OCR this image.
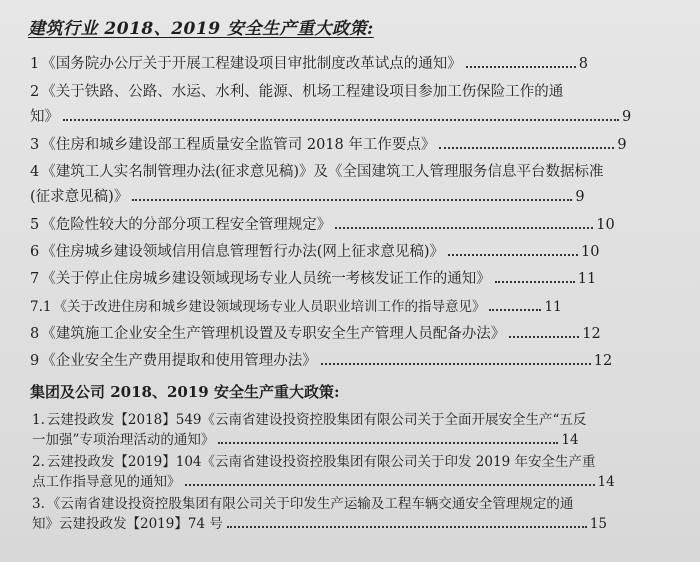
建筑行业 2018、2019 安全生产重大政策:
1 《国务院办公厅关于开展工程建设项目审批制度改革试点的通知》	8
2 《关于铁路、公路、水运、水利、能源、机场工程建设项目参加工伤保险工作的通
知》	9
3 《住房和城乡建设部工程质量安全监管司 2018 年工作要点》	9
4 《建筑工人实名制管理办法(征求意见稿)》及《全国建筑工人管理服务信息平台数据标准
(征求意见稿)》	9
5 《危险性较大的分部分项工程安全管理规定》	10
6 《住房城乡建设领域信用信息管理暂行办法(网上征求意见稿)》	10
7 《关于停止住房城乡建设领域现场专业人员统一考核发证工作的通知》	11
7.1 《关于改进住房和城乡建设领域现场专业人员职业培训工作的指导意见》	11
8 《建筑施工企业安全生产管理机设置及专职安全生产管理人员配备办法》	12
9 《企业安全生产费用提取和使用管理办法》	12
集团及公司 2018、2019 安全生产重大政策:
1. 云建投政发【2018】549《云南省建设投资控股集团有限公司关于全面开展安全生产“五反
一加强”专项治理活动的通知》	14
2. 云建投政发【2019】104《云南省建设投资控股集团有限公司关于印发 2019 年安全生产重
点工作指导意见的通知》	14
3. 《云南省建设投资控股集团有限公司关于印发生产运输及工程车辆交通安全管理规定的通
知》云建投政发【2019】74 号	15
